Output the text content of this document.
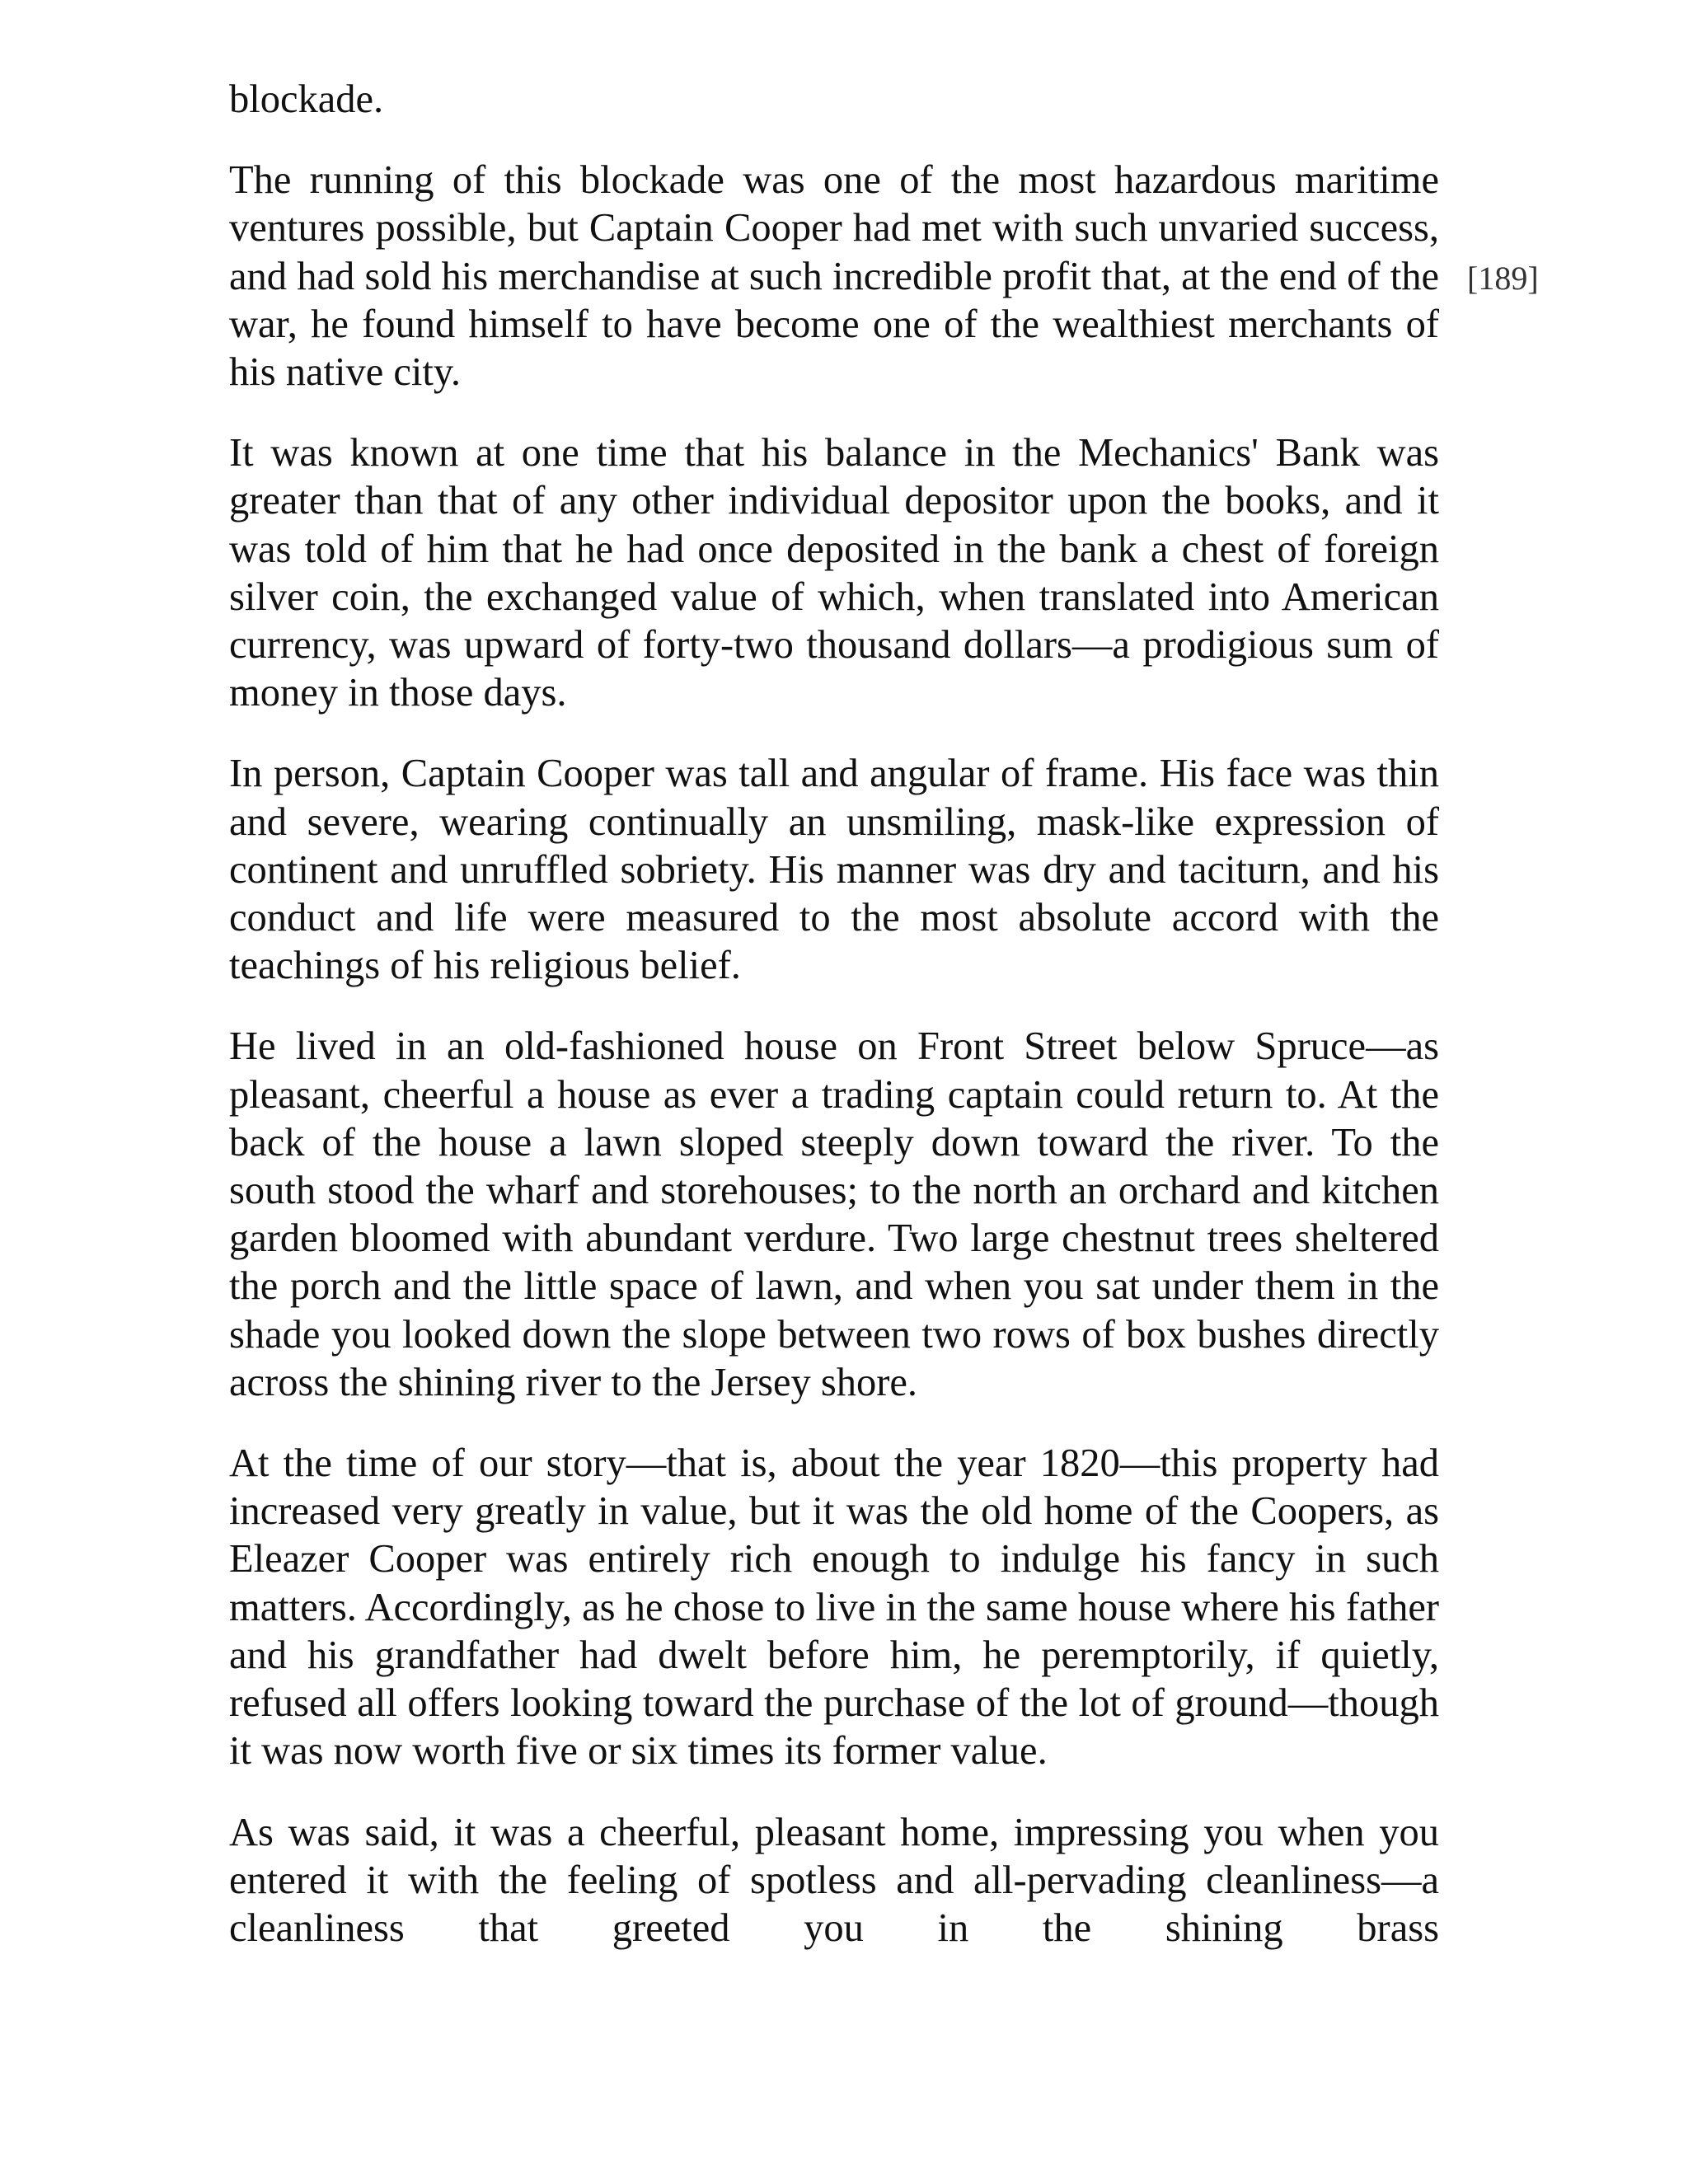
blockade.

The running of this blockade was one of the most hazardous maritime ventures possible, but Captain Cooper had met with such unvaried success, and had sold his merchandise at such incredible profit that, at the end of the war, he found himself to have become one of the wealthiest merchants of his native city.

It was known at one time that his balance in the Mechanics' Bank was greater than that of any other individual depositor upon the books, and it was told of him that he had once deposited in the bank a chest of foreign silver coin, the exchanged value of which, when translated into American currency, was upward of forty-two thousand dollars—a prodigious sum of money in those days.

In person, Captain Cooper was tall and angular of frame. His face was thin and severe, wearing continually an unsmiling, mask-like expression of continent and unruffled sobriety. His manner was dry and taciturn, and his conduct and life were measured to the most absolute accord with the teachings of his religious belief.

He lived in an old-fashioned house on Front Street below Spruce—as pleasant, cheerful a house as ever a trading captain could return to. At the back of the house a lawn sloped steeply down toward the river. To the south stood the wharf and storehouses; to the north an orchard and kitchen garden bloomed with abundant verdure. Two large chestnut trees sheltered the porch and the little space of lawn, and when you sat under them in the shade you looked down the slope between two rows of box bushes directly across the shining river to the Jersey shore.

At the time of our story—that is, about the year 1820—this property had increased very greatly in value, but it was the old home of the Coopers, as Eleazer Cooper was entirely rich enough to indulge his fancy in such matters. Accordingly, as he chose to live in the same house where his father and his grandfather had dwelt before him, he peremptorily, if quietly, refused all offers looking toward the purchase of the lot of ground—though it was now worth five or six times its former value.

As was said, it was a cheerful, pleasant home, impressing you when you entered it with the feeling of spotless and all-pervading cleanliness—a cleanliness that greeted you in the shining brass

[189]
